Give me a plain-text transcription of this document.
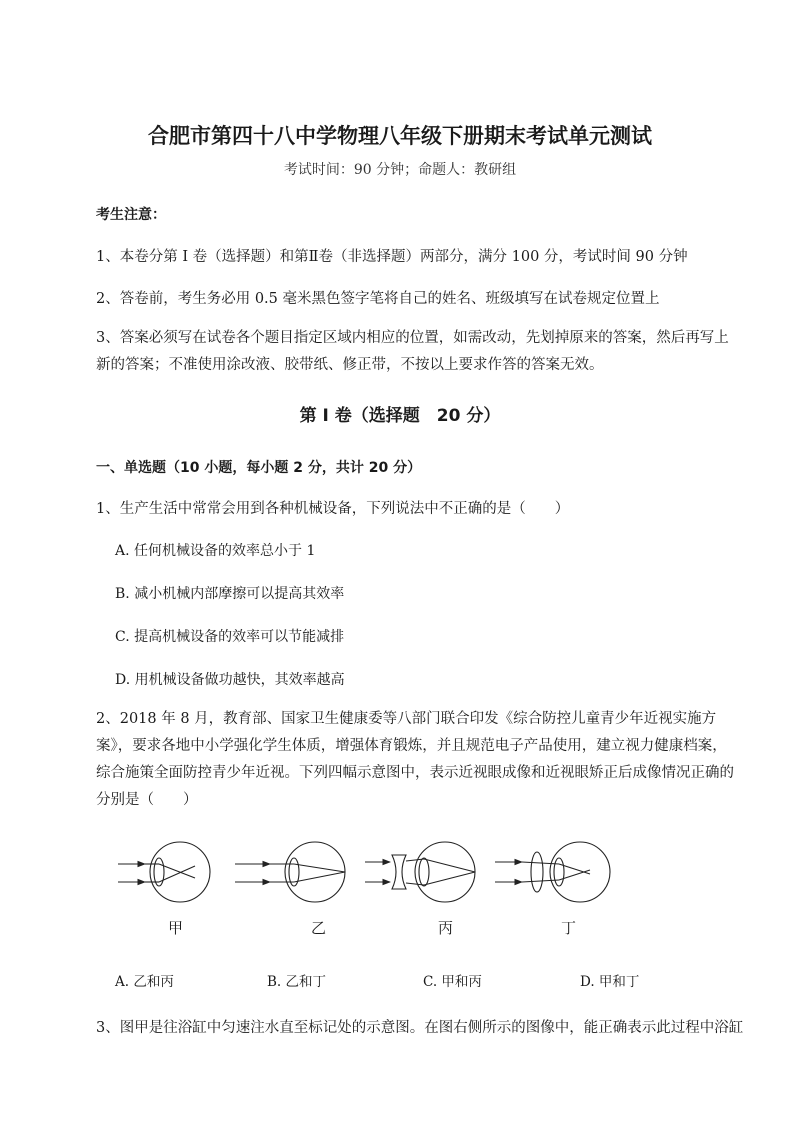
合肥市第四十八中学物理八年级下册期末考试单元测试
考试时间：90 分钟；命题人：教研组
考生注意：
1、本卷分第 I 卷（选择题）和第Ⅱ卷（非选择题）两部分，满分 100 分，考试时间 90 分钟
2、答卷前，考生务必用 0.5 毫米黑色签字笔将自己的姓名、班级填写在试卷规定位置上
3、答案必须写在试卷各个题目指定区域内相应的位置，如需改动，先划掉原来的答案，然后再写上新的答案；不准使用涂改液、胶带纸、修正带，不按以上要求作答的答案无效。
第 I 卷（选择题　20 分）
一、单选题（10 小题，每小题 2 分，共计 20 分）
1、生产生活中常常会用到各种机械设备，下列说法中不正确的是（　　）
A. 任何机械设备的效率总小于 1
B. 减小机械内部摩擦可以提高其效率
C. 提高机械设备的效率可以节能减排
D. 用机械设备做功越快，其效率越高
2、2018 年 8 月，教育部、国家卫生健康委等八部门联合印发《综合防控儿童青少年近视实施方案》，要求各地中小学强化学生体质，增强体育锻炼，并且规范电子产品使用，建立视力健康档案，综合施策全面防控青少年近视。下列四幅示意图中，表示近视眼成像和近视眼矫正后成像情况正确的分别是（　　）
甲	乙	丙	丁
A. 乙和丙	B. 乙和丁	C. 甲和丙	D. 甲和丁
3、图甲是往浴缸中匀速注水直至标记处的示意图。在图右侧所示的图像中，能正确表示此过程中浴缸
